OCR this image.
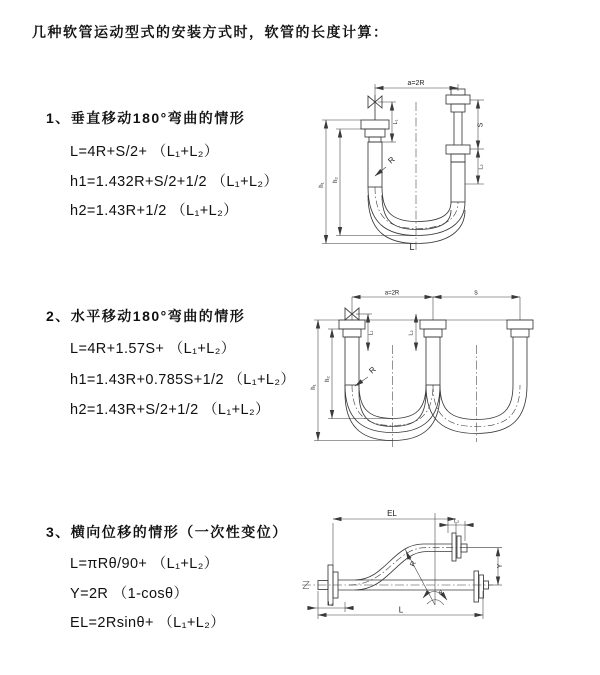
几种软管运动型式的安装方式时，软管的长度计算：
1、垂直移动180°弯曲的情形
L=4R+S/2+ （L₁+L₂）
h1=1.432R+S/2+1/2 （L₁+L₂）
h2=1.43R+1/2 （L₁+L₂）
2、水平移动180°弯曲的情形
L=4R+1.57S+ （L₁+L₂）
h1=1.43R+0.785S+1/2 （L₁+L₂）
h2=1.43R+S/2+1/2 （L₁+L₂）
3、横向位移的情形（一次性变位）
L=πRθ/90+ （L₁+L₂）
Y=2R （1-cosθ）
EL=2Rsinθ+ （L₁+L₂）
a=2R
h₁
h₂
L₁
S
L₂
R
L
a=2R	s
h₁
h₂
L₁	L₂
R
EL
L₂
R
θ
Y
L₁
L
